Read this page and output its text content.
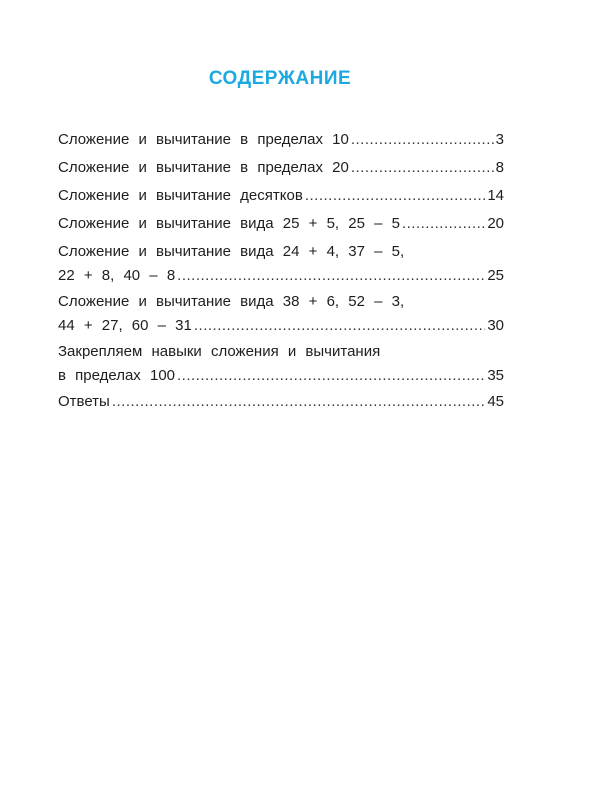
СОДЕРЖАНИЕ
Сложение и вычитание в пределах 10 .....	3
Сложение и вычитание в пределах 20 .....	8
Сложение и вычитание десятков .....	14
Сложение и вычитание вида 25 + 5, 25 – 5 .....	20
Сложение и вычитание вида 24 + 4, 37 – 5,
22 + 8, 40 – 8 .....	25
Сложение и вычитание вида 38 + 6, 52 – 3,
44 + 27, 60 – 31 .....	30
Закрепляем навыки сложения и вычитания
в пределах 100 .....	35
Ответы .....	45
